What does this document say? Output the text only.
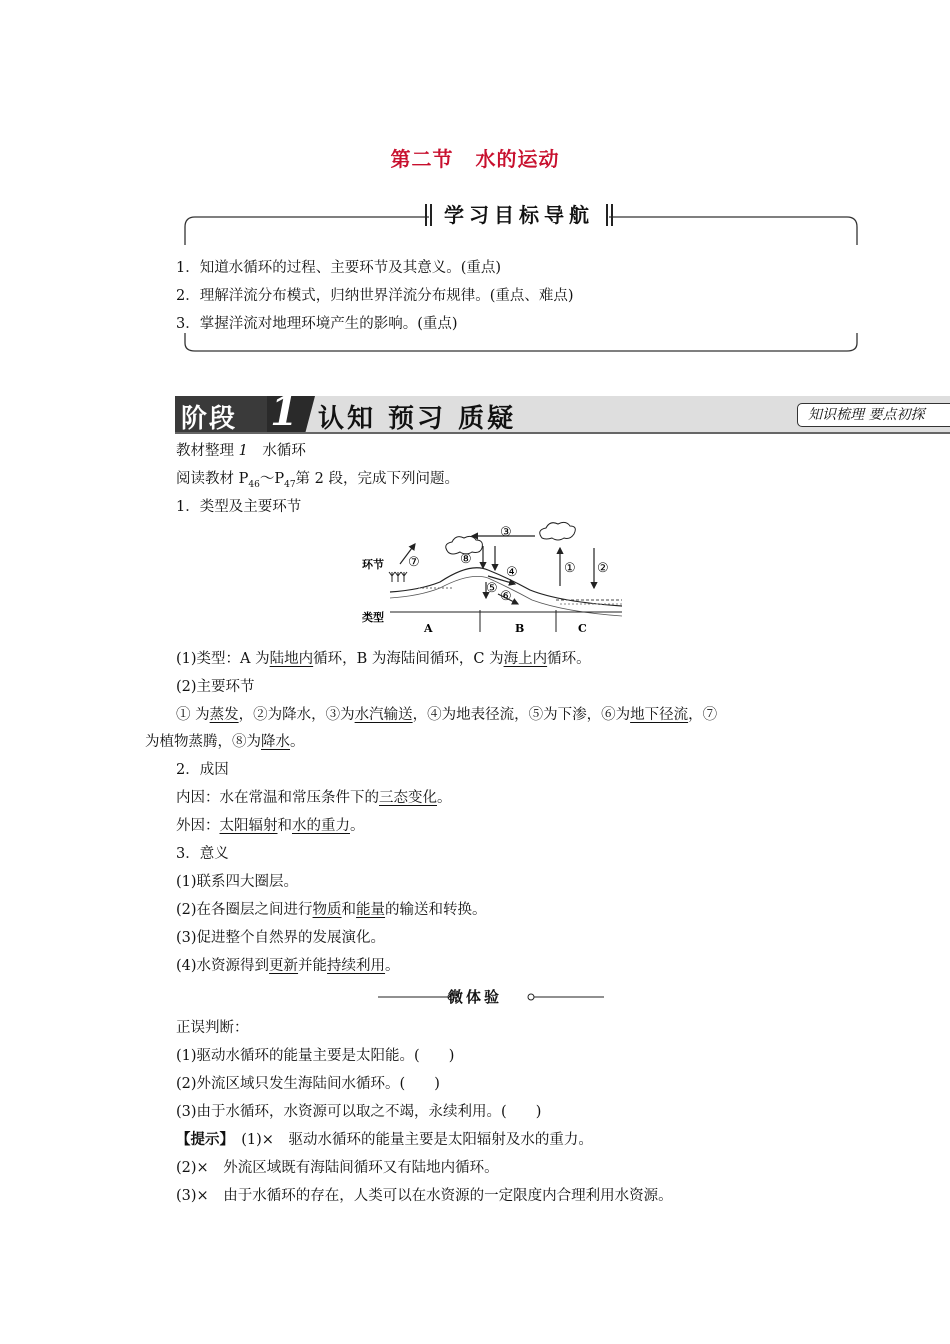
第二节 水的运动
学习目标导航
1．知道水循环的过程、主要环节及其意义。(重点)
2．理解洋流分布模式，归纳世界洋流分布规律。(重点、难点)
3．掌握洋流对地理环境产生的影响。(重点)
阶段 1 认知 预习 质疑	知识梳理 要点初探
教材整理 1　 水循环
阅读教材 $P_{46}\sim P_{47}$第 2 段，完成下列问题。
1．类型及主要环节
环节
类型
① ②
③
④
⑤
⑥
⑦	⑧
A	B	C
(1)类型：A 为陆地内循环，B 为海陆间循环，C 为海上内循环。
(2)主要环节
① 为蒸发，②为降水，③为水汽输送，④为地表径流，⑤为下渗，⑥为地下径流，⑦
为植物蒸腾，⑧为降水。
2．成因
内因：水在常温和常压条件下的三态变化。
外因：太阳辐射和水的重力。
3．意义
(1)联系四大圈层。
(2)在各圈层之间进行物质和能量的输送和转换。
(3)促进整个自然界的发展演化。
(4)水资源得到更新并能持续利用。
微体验
正误判断：
(1)驱动水循环的能量主要是太阳能。(　　)
(2)外流区域只发生海陆间水循环。(　　)
(3)由于水循环，水资源可以取之不竭，永续利用。(　　)
【提示】　(1)×　驱动水循环的能量主要是太阳辐射及水的重力。
(2)×　外流区域既有海陆间循环又有陆地内循环。
(3)×　由于水循环的存在，人类可以在水资源的一定限度内合理利用水资源。
